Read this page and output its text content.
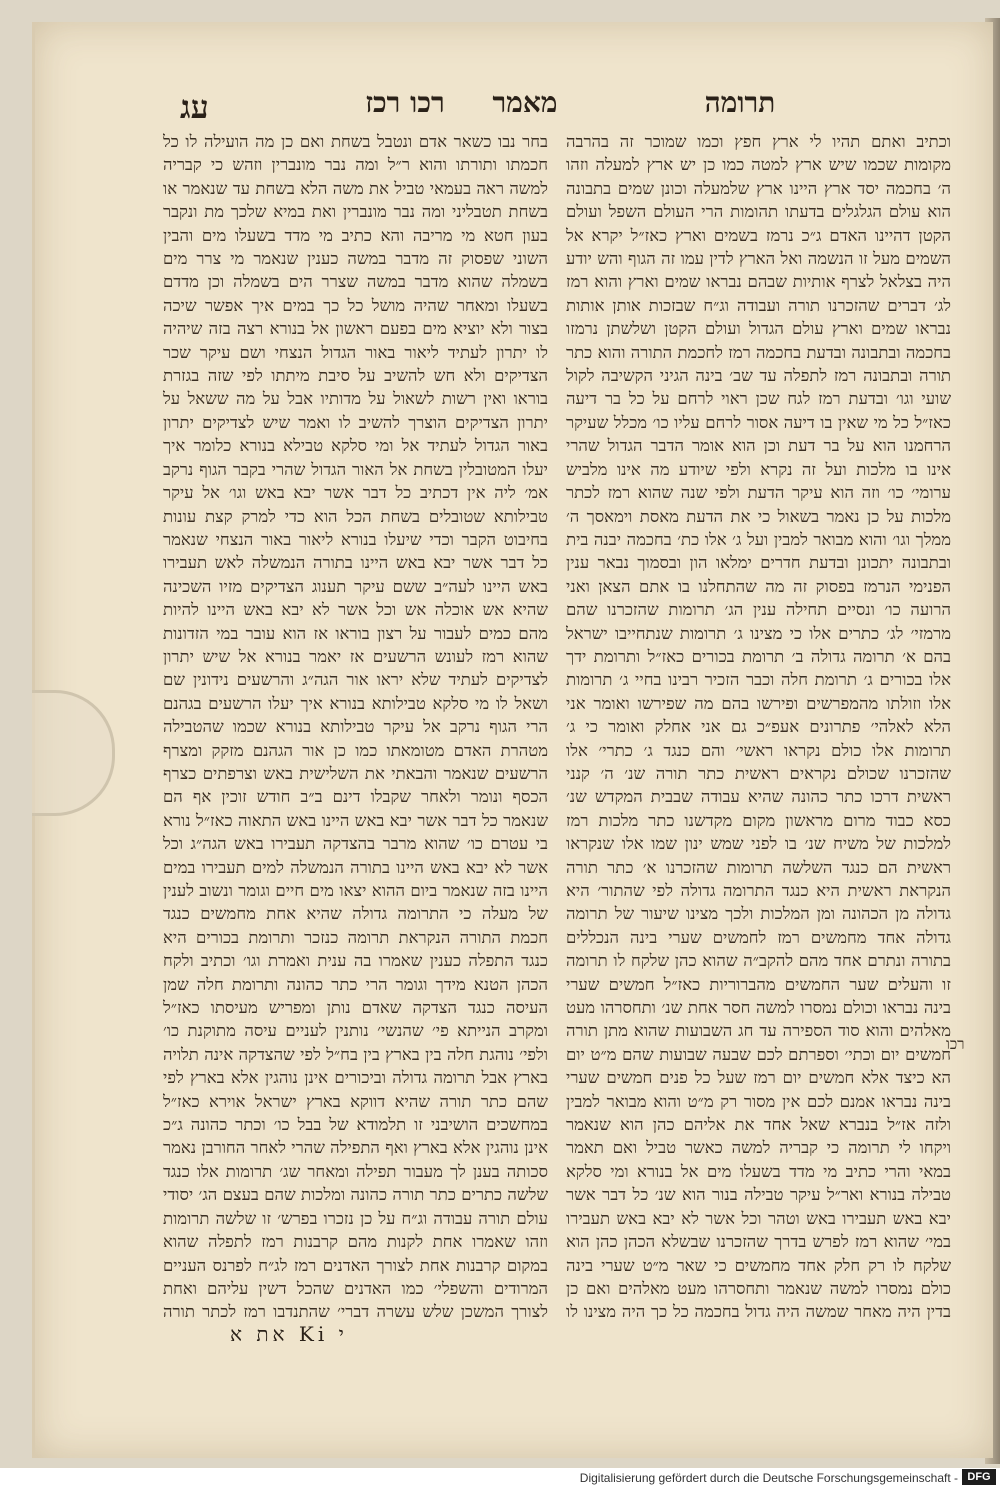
תרומה
מאמר
רכו רכז
עג
וכתיב ואתם תהיו לי ארץ חפץ וכמו שמוכר זה בהרבה מקומות שכמו שיש ארץ למטה כמו כן יש ארץ למעלה וזהו ה׳ בחכמה יסד ארץ היינו ארץ שלמעלה וכונן שמים בתבונה הוא עולם הגלגלים בדעתו תהומות הרי העולם השפל ועולם הקטן דהיינו האדם ג״כ נרמז בשמים וארץ כאז״ל יקרא אל השמים מעל זו הנשמה ואל הארץ לדין עמו זה הגוף והש יודע היה בצלאל לצרף אותיות שבהם נבראו שמים וארץ והוא רמז לג׳ דברים שהזכרנו תורה ועבודה וג״ח שבזכות אותן אותות נבראו שמים וארץ עולם הגדול ועולם הקטן ושלשתן נרמזו בחכמה ובתבונה ובדעת בחכמה רמז לחכמת התורה והוא כתר תורה ובתבונה רמז לתפלה עד שב׳ בינה הגיני הקשיבה לקול שועי וגו׳ ובדעת רמז לגח שכן ראוי לרחם על כל בר דיעה כאז״ל כל מי שאין בו דיעה אסור לרחם עליו כו׳ מכלל שעיקר הרחמנו הוא על בר דעת וכן הוא אומר הדבר הגדול שהרי אינו בו מלכות ועל זה נקרא ולפי שיודע מה אינו מלביש ערומי׳ כו׳ וזה הוא עיקר הדעת ולפי שנה שהוא רמז לכתר מלכות על כן נאמר בשאול כי את הדעת מאסת וימאסך ה׳ ממלך וגו׳ והוא מבואר למבין ועל ג׳ אלו כת׳ בחכמה יבנה בית ובתבונה יתכונן ובדעת חדרים ימלאו הון ובסמוך נבאר ענין הפנימי הנרמז בפסוק זה מה שהתחלנו בו אתם הצאן ואני הרועה כו׳ ונסיים תחילה ענין הג׳ תרומות שהזכרנו שהם מרמזי׳ לג׳ כתרים אלו כי מצינו ג׳ תרומות שנתחייבו ישראל בהם א׳ תרומה גדולה ב׳ תרומת בכורים כאז״ל ותרומת ידך אלו בכורים ג׳ תרומת חלה וכבר הזכיר רבינו בחיי ג׳ תרומות אלו וזולתו מהמפרשים ופירשו בהם מה שפירשו ואומר אני הלא לאלהי׳ פתרונים אעפ״כ גם אני אחלק ואומר כי ג׳ תרומות אלו כולם נקראו ראשי׳ והם כנגד ג׳ כתרי׳ אלו שהזכרנו שכולם נקראים ראשית כתר תורה שנ׳ ה׳ קנני ראשית דרכו כתר כהונה שהיא עבודה שבבית המקדש שנ׳ כסא כבוד מרום מראשון מקום מקדשנו כתר מלכות רמז למלכות של משיח שנ׳ בו לפני שמש ינון שמו אלו שנקראו ראשית הם כנגד השלשה תרומות שהזכרנו א׳ כתר תורה הנקראת ראשית היא כנגד התרומה גדולה לפי שהתור׳ היא גדולה מן הכהונה ומן המלכות ולכך מצינו שיעור של תרומה גדולה אחד מחמשים רמז לחמשים שערי בינה הנכללים בתורה ונתרם אחד מהם להקב״ה שהוא כהן שלקח לו תרומה זו והעלים שער החמשים מהברוריות כאז״ל חמשים שערי בינה נבראו וכולם נמסרו למשה חסר אחת שנ׳ ותחסרהו מעט מאלהים והוא סוד הספירה עד חג השבועות שהוא מתן תורה חמשים יום וכתי׳ וספרתם לכם שבעה שבועות שהם מ״ט יום הא כיצד אלא חמשים יום רמז שעל כל פנים חמשים שערי בינה נבראו אמנם לכם אין מסור רק מ״ט והוא מבואר למבין ולזה אז״ל בנברא שאל אחד את אליהם כהן הוא שנאמר ויקחו לי תרומה כי קבריה למשה כאשר טביל ואם תאמר במאי והרי כתיב מי מדד בשעלו מים אל בנורא ומי סלקא טבילה בנורא ואר״ל עיקר טבילה בנור הוא שנ׳ כל דבר אשר יבא באש תעבירו באש וטהר וכל אשר לא יבא באש תעבירו במי׳ שהוא רמז לפרש בדרך שהזכרנו שבשלא הכהן כהן הוא שלקח לו רק חלק אחד מחמשים כי שאר מ״ט שערי בינה כולם נמסרו למשה שנאמר ותחסרהו מעט מאלהים ואם כן בדין היה מאחר שמשה היה גדול בחכמה כל כך היה מצינו לו
בחר נבו כשאר אדם ונטבל בשחת ואם כן מה הועילה לו כל חכמתו ותורתו והוא ר״ל ומה נבר מונברין וזהש כי קבריה למשה ראה בעמאי טביל את משה הלא בשחת עד שנאמר או בשחת תטבליני ומה נבר מונברין ואת במיא שלכך מת ונקבר בעון חטא מי מריבה והא כתיב מי מדד בשעלו מים והבין השוני שפסוק זה מדבר במשה כענין שנאמר מי צרר מים בשמלה שהוא מדבר במשה שצרר הים בשמלה וכן מדדם בשעלו ומאחר שהיה מושל כל כך במים איך אפשר שיכה בצור ולא יוציא מים בפעם ראשון אל בנורא רצה בזה שיהיה לו יתרון לעתיד ליאור באור הגדול הנצחי ושם עיקר שכר הצדיקים ולא חש להשיב על סיבת מיתתו לפי שזה בגזרת בוראו ואין רשות לשאול על מדותיו אבל על מה ששאל על יתרון הצדיקים הוצרך להשיב לו ואמר שיש לצדיקים יתרון באור הגדול לעתיד אל ומי סלקא טבילא בנורא כלומר איך יעלו המטובלין בשחת אל האור הגדול שהרי בקבר הגוף נרקב אמ׳ ליה אין דכתיב כל דבר אשר יבא באש וגו׳ אל עיקר טבילותא שטובלים בשחת הכל הוא כדי למרק קצת עונות בחיבוט הקבר וכדי שיעלו בנורא ליאור באור הנצחי שנאמר כל דבר אשר יבא באש היינו בתורה הנמשלה לאש תעבירו באש היינו לעה״ב ששם עיקר תענוג הצדיקים מזיו השכינה שהיא אש אוכלה אש וכל אשר לא יבא באש היינו להיות מהם כמים לעבור על רצון בוראו אז הוא עובר במי הזדונות שהוא רמז לעונש הרשעים אז יאמר בנורא אל שיש יתרון לצדיקים לעתיד שלא יראו אור הגה״ג והרשעים נידונין שם ושאל לו מי סלקא טבילותא בנורא איך יעלו הרשעים בגהנם הרי הגוף נרקב אל עיקר טבילותא בנורא שכמו שהטבילה מטהרת האדם מטומאתו כמו כן אור הגהנם מזקק ומצרף הרשעים שנאמר והבאתי את השלישית באש וצרפתים כצרף הכסף ונומר ולאחר שקבלו דינם ב״ב חודש זוכין אף הם שנאמר כל דבר אשר יבא באש היינו באש התאוה כאז״ל נורא בי עטרם כו׳ שהוא מרבר בהצדקה תעבירו באש הגה״ג וכל אשר לא יבא באש היינו בתורה הנמשלה למים תעבירו במים היינו בזה שנאמר ביום ההוא יצאו מים חיים וגומר ונשוב לענין של מעלה כי התרומה גדולה שהיא אחת מחמשים כנגד חכמת התורה הנקראת תרומה כנזכר ותרומת בכורים היא כנגד התפלה כענין שאמרו בה ענית ואמרת וגו׳ וכתיב ולקח הכהן הטנא מידך וגומר הרי כתר כהונה ותרומת חלה שמן העיסה כנגד הצדקה שאדם נותן ומפריש מעיסתו כאז״ל ומקרב הנייתא פי׳ שהנשי׳ נותנין לעניים עיסה מתוקנת כו׳ ולפי׳ נוהגת חלה בין בארץ בין בח״ל לפי שהצדקה אינה תלויה בארץ אבל תרומה גדולה וביכורים אינן נוהגין אלא בארץ לפי שהם כתר תורה שהיא דווקא בארץ ישראל אוירא כאז״ל במחשכים הושיבני זו תלמודא של בבל כו׳ וכתר כהונה ג״כ אינן נוהגין אלא בארץ ואף התפילה שהרי לאחר החורבן נאמר סכותה בענן לך מעבור תפילה ומאחר שג׳ תרומות אלו כנגד שלשה כתרים כתר תורה כהונה ומלכות שהם בעצם הג׳ יסודי עולם תורה עבודה וג״ח על כן נזכרו בפרש׳ זו שלשה תרומות וזהו שאמרו אחת לקנות מהם קרבנות רמז לתפלה שהוא במקום קרבנות אחת לצורך האדנים רמז לג״ח לפרנס העניים המרודים והשפלי׳ כמו האדנים שהכל דשין עליהם ואחת לצורך המשכן שלש עשרה דברי׳ שהתנדבו רמז לכתר תורה
רכו
את א Ki י
Digitalisierung gefördert durch die Deutsche Forschungsgemeinschaft - DFG
